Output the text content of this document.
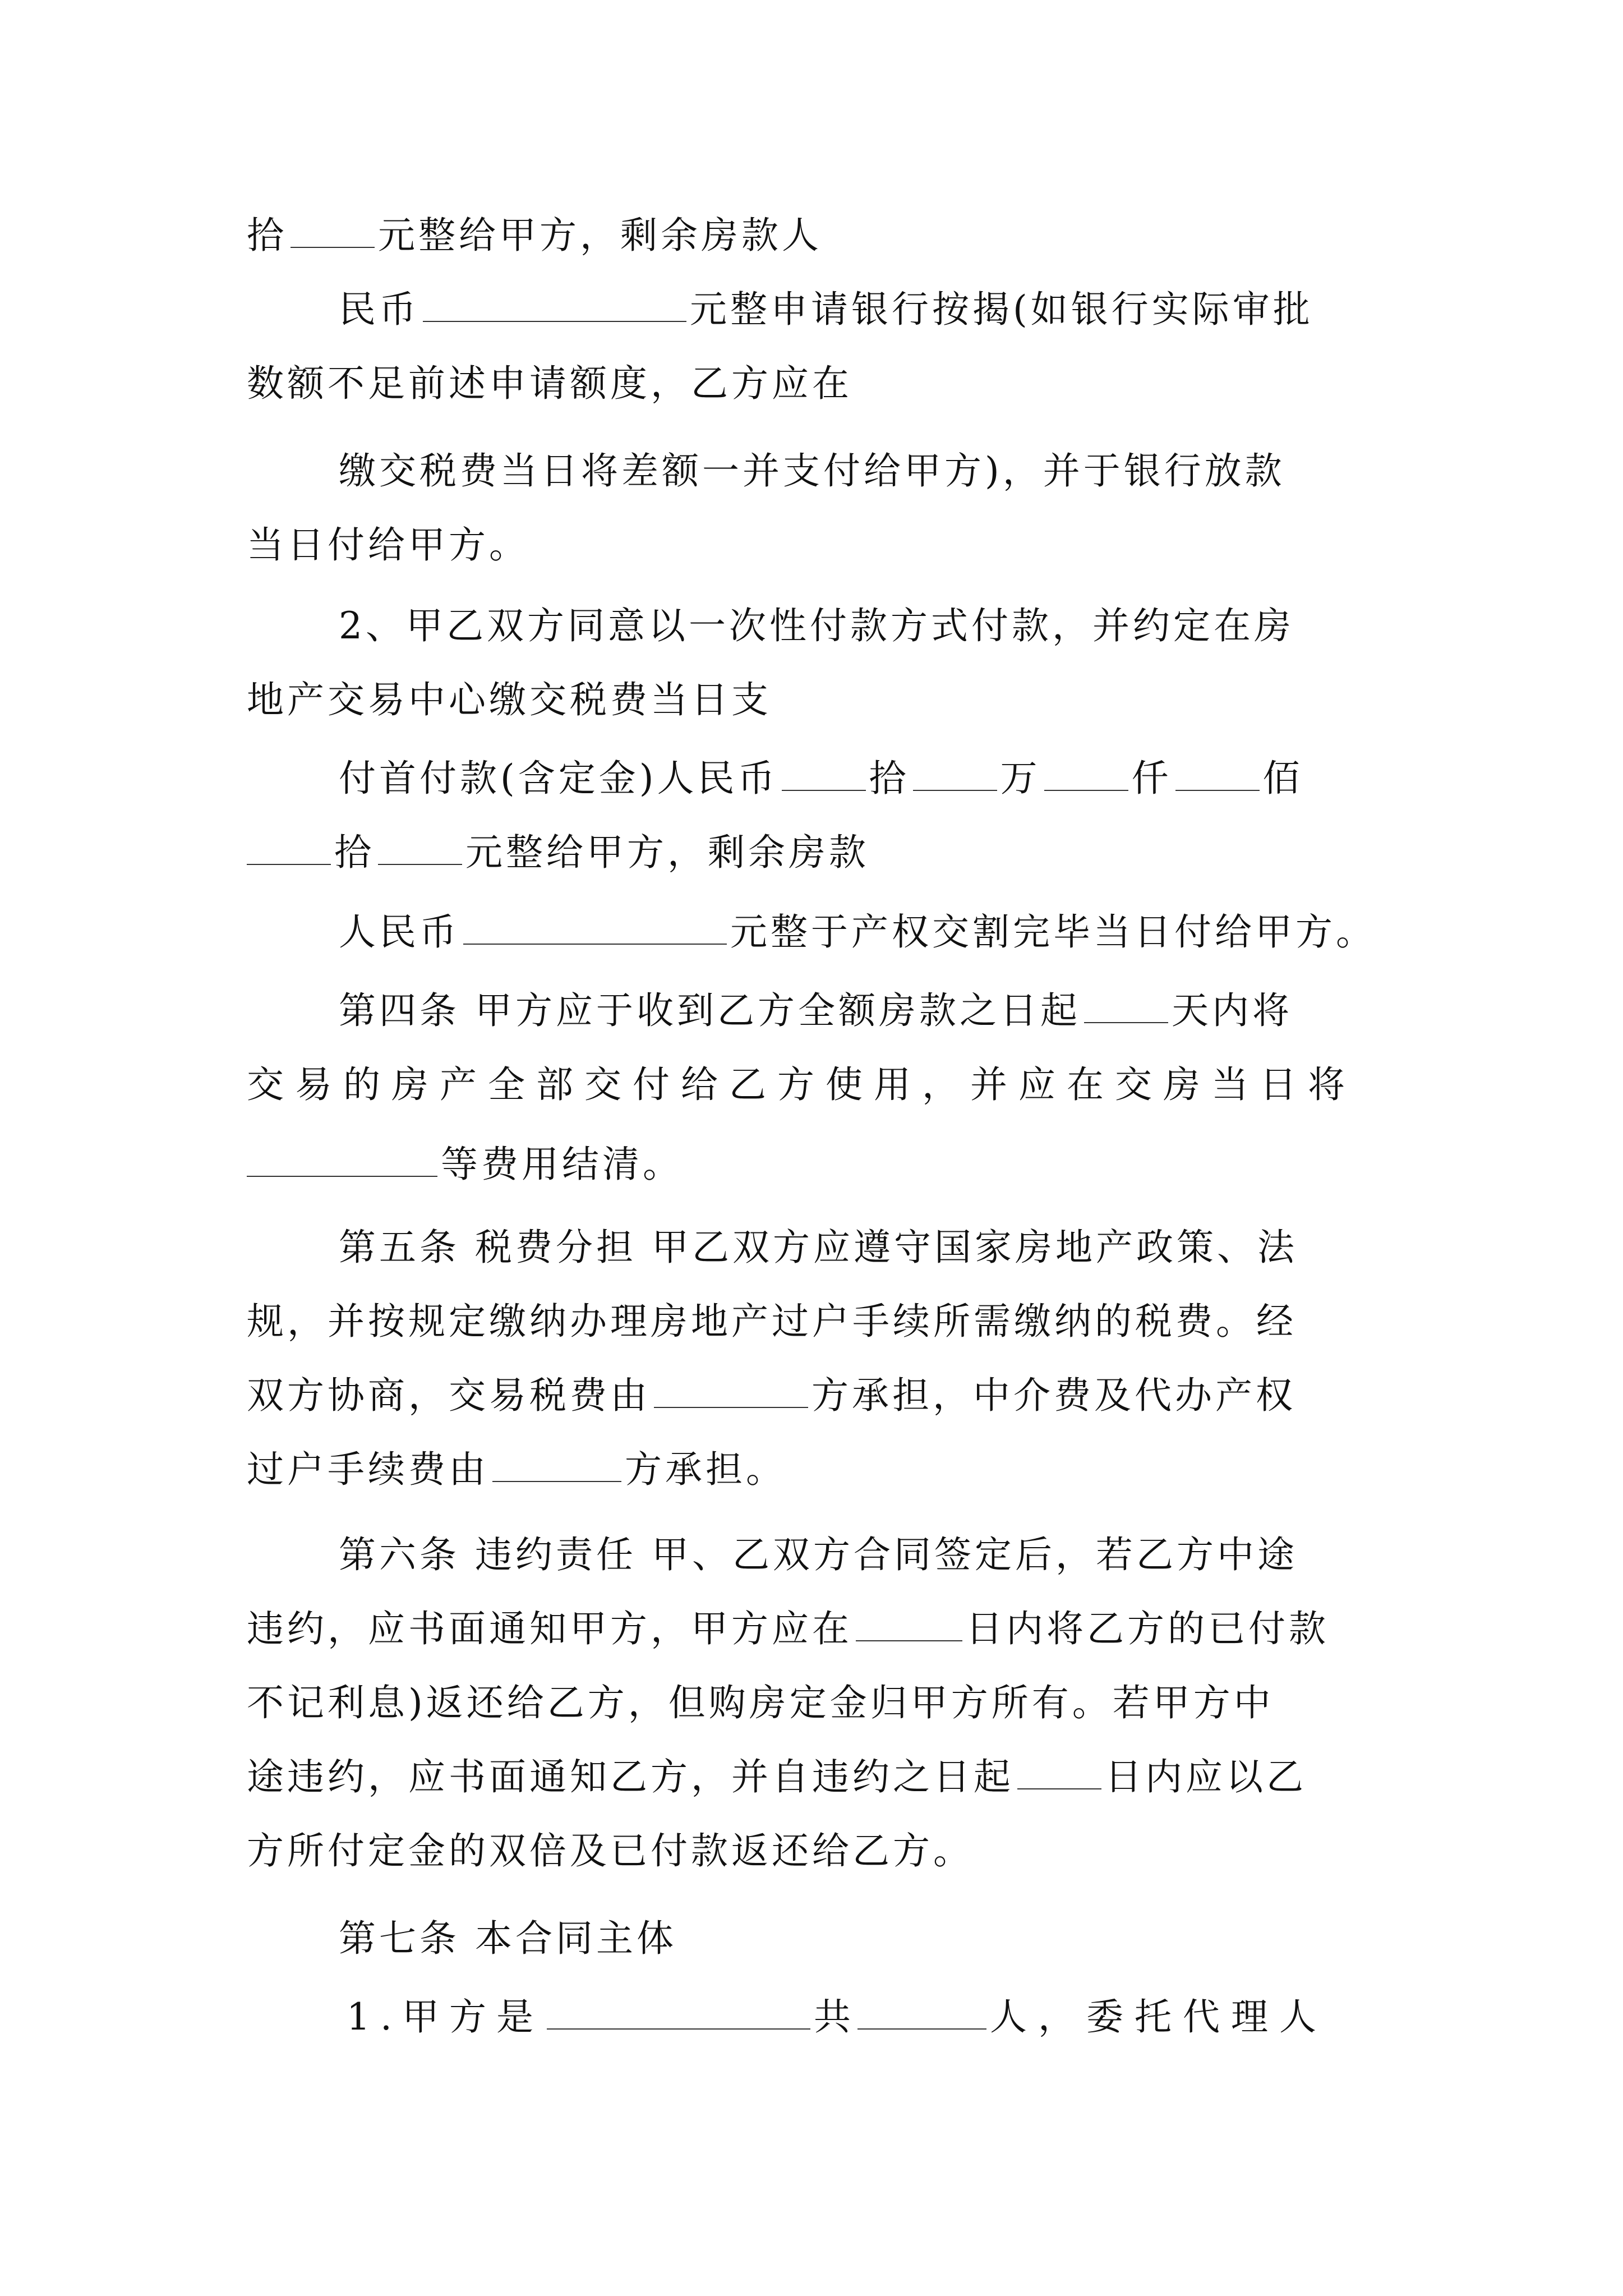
拾 元整给甲方，剩余房款人
民币	元整申请银行按揭(如银行实际审批
数额不足前述申请额度，乙方应在
缴交税费当日将差额一并支付给甲方)，并于银行放款
当日付给甲方。
2、甲乙双方同意以一次性付款方式付款，并约定在房
地产交易中心缴交税费当日支
付首付款(含定金)人民币 拾 万 仟 佰
拾 元整给甲方，剩余房款
人民币	元整于产权交割完毕当日付给甲方。
第四条 甲方应于收到乙方全额房款之日起 天内将
交易的房产全部交付给乙方使用，并应在交房当日将
等费用结清。
第五条 税费分担 甲乙双方应遵守国家房地产政策、法
规，并按规定缴纳办理房地产过户手续所需缴纳的税费。经
双方协商，交易税费由	方承担，中介费及代办产权
过户手续费由	方承担。
第六条 违约责任 甲、乙双方合同签定后，若乙方中途
违约，应书面通知甲方，甲方应在	日内将乙方的已付款
不记利息)返还给乙方，但购房定金归甲方所有。若甲方中
途违约，应书面通知乙方，并自违约之日起 日内应以乙
方所付定金的双倍及已付款返还给乙方。
第七条 本合同主体
1.甲方是	共	人，委托代理人
